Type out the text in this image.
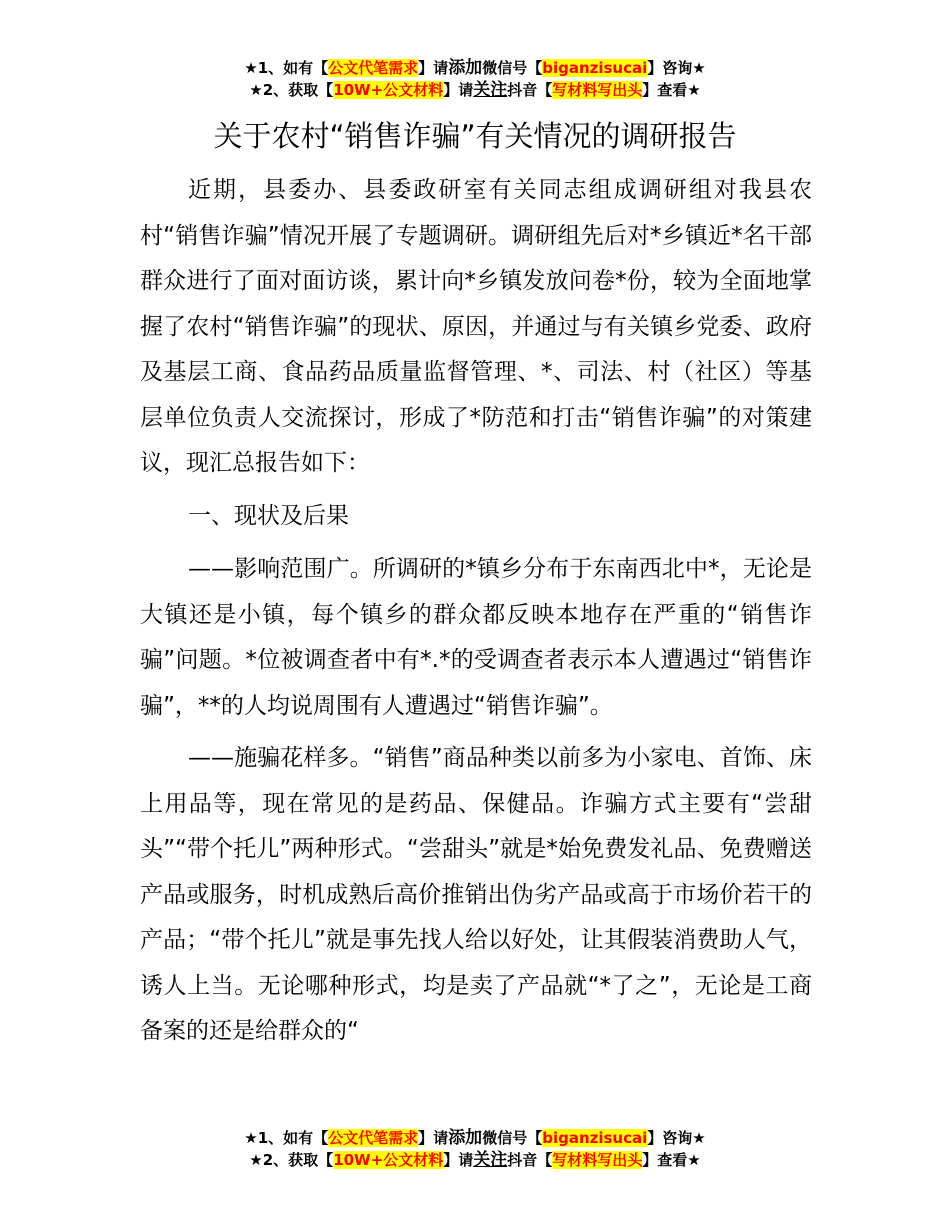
★1、如有【公文代笔需求】请添加微信号【biganzisucai】咨询★
★2、获取【10W+公文材料】请关注抖音【写材料写出头】查看★
关于农村“销售诈骗”有关情况的调研报告

近期，县委办、县委政研室有关同志组成调研组对我县农村“销售诈骗”情况开展了专题调研。调研组先后对*乡镇近*名干部群众进行了面对面访谈，累计向*乡镇发放问卷*份，较为全面地掌握了农村“销售诈骗”的现状、原因，并通过与有关镇乡党委、政府及基层工商、食品药品质量监督管理、*、司法、村（社区）等基层单位负责人交流探讨，形成了*防范和打击“销售诈骗”的对策建议，现汇总报告如下：

一、现状及后果

——影响范围广。所调研的*镇乡分布于东南西北中*，无论是大镇还是小镇，每个镇乡的群众都反映本地存在严重的“销售诈骗”问题。*位被调查者中有*.*的受调查者表示本人遭遇过“销售诈骗”，**的人均说周围有人遭遇过“销售诈骗”。

——施骗花样多。“销售”商品种类以前多为小家电、首饰、床上用品等，现在常见的是药品、保健品。诈骗方式主要有“尝甜头”“带个托儿”两种形式。“尝甜头”就是*始免费发礼品、免费赠送产品或服务，时机成熟后高价推销出伪劣产品或高于市场价若干的产品；“带个托儿”就是事先找人给以好处，让其假装消费助人气，诱人上当。无论哪种形式，均是卖了产品就“*了之”，无论是工商备案的还是给群众的“

★1、如有【公文代笔需求】请添加微信号【biganzisucai】咨询★
★2、获取【10W+公文材料】请关注抖音【写材料写出头】查看★
